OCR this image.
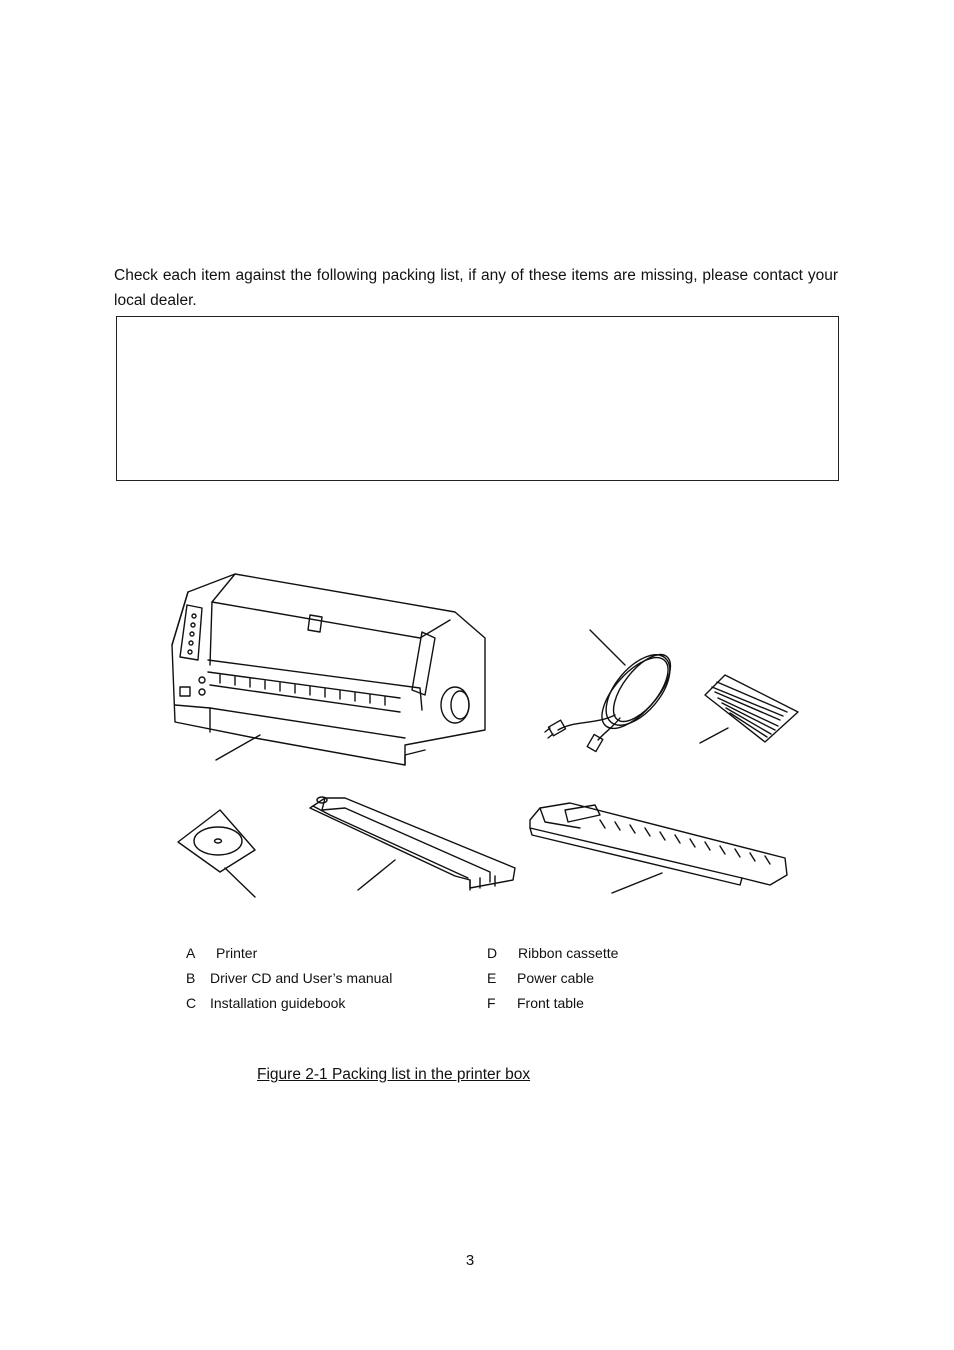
Check each item against the following packing list, if any of these items are missing, please contact your local dealer.

A	Printer
B	Driver CD and User’s manual
C Installation guidebook
D	Ribbon cassette
E	Power cable
F	Front table
Figure 2-1 Packing list in the printer box
3
